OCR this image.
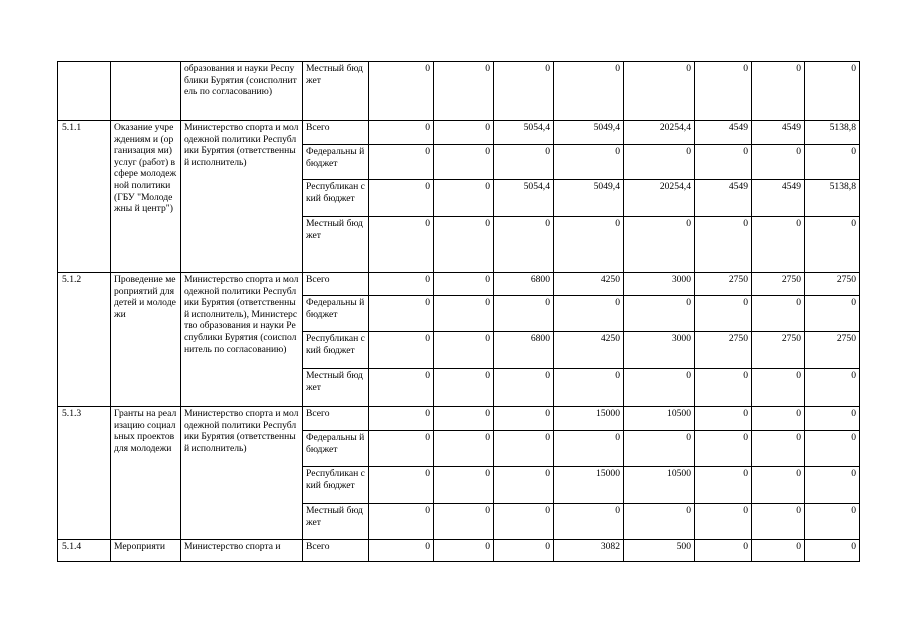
		образования и науки Республики Бурятия (соисполнитель по согласованию)	Местный бюджет	0	0	0	0	0	0	0	0
5.1.1	Оказание учреждениям и (организация ми) услуг (работ) в сфере молодежной политики (ГБУ "Молодежны й центр")	Министерство спорта и молодежной политики Республики Бурятия (ответственный исполнитель)	Всего	0	0	5054,4	5049,4	20254,4	4549	4549	5138,8
			Федеральны й бюджет	0	0	0	0	0	0	0	0
			Республикан ский бюджет	0	0	5054,4	5049,4	20254,4	4549	4549	5138,8
			Местный бюджет	0	0	0	0	0	0	0	0
5.1.2	Проведение мероприятий для детей и молодежи	Министерство спорта и молодежной политики Республики Бурятия (ответственный исполнитель), Министерство образования и науки Республики Бурятия (соисполнитель по согласованию)	Всего	0	0	6800	4250	3000	2750	2750	2750
			Федеральны й бюджет	0	0	0	0	0	0	0	0
			Республикан ский бюджет	0	0	6800	4250	3000	2750	2750	2750
			Местный бюджет	0	0	0	0	0	0	0	0
5.1.3	Гранты на реализацию социальных проектов для молодежи	Министерство спорта и молодежной политики Республики Бурятия (ответственный исполнитель)	Всего	0	0	0	15000	10500	0	0	0
			Федеральны й бюджет	0	0	0	0	0	0	0	0
			Республикан ский бюджет	0	0	0	15000	10500	0	0	0
			Местный бюджет	0	0	0	0	0	0	0	0
5.1.4	Мероприяти	Министерство спорта и	Всего	0	0	0	3082	500	0	0	0
